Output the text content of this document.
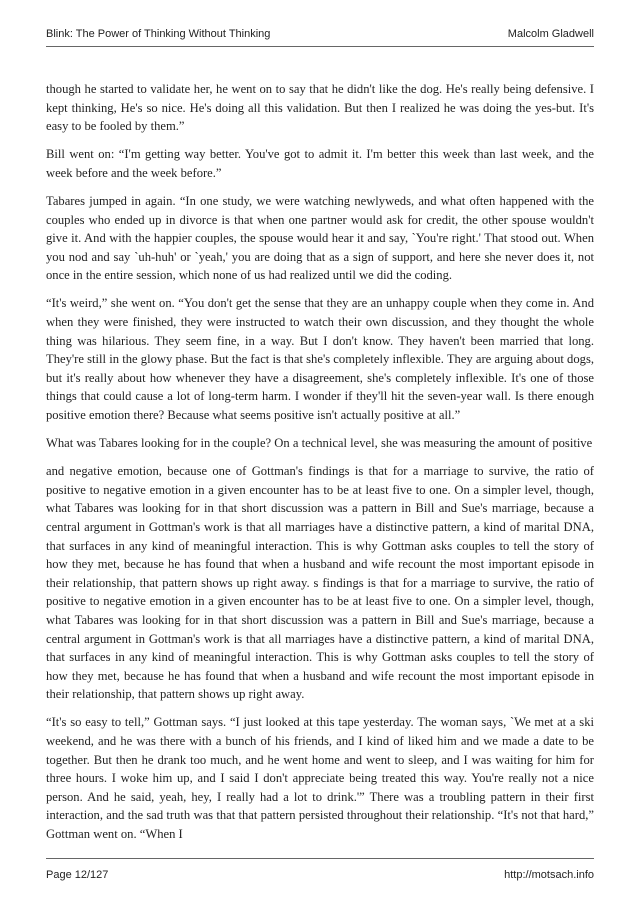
Blink: The Power of Thinking Without Thinking	Malcolm Gladwell

though he started to validate her, he went on to say that he didn't like the dog. He's really being defensive. I kept thinking, He's so nice. He's doing all this validation. But then I realized he was doing the yes-but. It's easy to be fooled by them.”

Bill went on: “I'm getting way better. You've got to admit it. I'm better this week than last week, and the week before and the week before.”

Tabares jumped in again. “In one study, we were watching newlyweds, and what often happened with the couples who ended up in divorce is that when one partner would ask for credit, the other spouse wouldn't give it. And with the happier couples, the spouse would hear it and say, `You're right.' That stood out. When you nod and say `uh-huh' or `yeah,' you are doing that as a sign of support, and here she never does it, not once in the entire session, which none of us had realized until we did the coding.

“It's weird,” she went on. “You don't get the sense that they are an unhappy couple when they come in. And when they were finished, they were instructed to watch their own discussion, and they thought the whole thing was hilarious. They seem fine, in a way. But I don't know. They haven't been married that long. They're still in the glowy phase. But the fact is that she's completely inflexible. They are arguing about dogs, but it's really about how whenever they have a disagreement, she's completely inflexible. It's one of those things that could cause a lot of long-term harm. I wonder if they'll hit the seven-year wall. Is there enough positive emotion there? Because what seems positive isn't actually positive at all.”

What was Tabares looking for in the couple? On a technical level, she was measuring the amount of positive

and negative emotion, because one of Gottman's findings is that for a marriage to survive, the ratio of positive to negative emotion in a given encounter has to be at least five to one. On a simpler level, though, what Tabares was looking for in that short discussion was a pattern in Bill and Sue's marriage, because a central argument in Gottman's work is that all marriages have a distinctive pattern, a kind of marital DNA, that surfaces in any kind of meaningful interaction. This is why Gottman asks couples to tell the story of how they met, because he has found that when a husband and wife recount the most important episode in their relationship, that pattern shows up right away. s findings is that for a marriage to survive, the ratio of positive to negative emotion in a given encounter has to be at least five to one. On a simpler level, though, what Tabares was looking for in that short discussion was a pattern in Bill and Sue's marriage, because a central argument in Gottman's work is that all marriages have a distinctive pattern, a kind of marital DNA, that surfaces in any kind of meaningful interaction. This is why Gottman asks couples to tell the story of how they met, because he has found that when a husband and wife recount the most important episode in their relationship, that pattern shows up right away.

“It's so easy to tell,” Gottman says. “I just looked at this tape yesterday. The woman says, `We met at a ski weekend, and he was there with a bunch of his friends, and I kind of liked him and we made a date to be together. But then he drank too much, and he went home and went to sleep, and I was waiting for him for three hours. I woke him up, and I said I don't appreciate being treated this way. You're really not a nice person. And he said, yeah, hey, I really had a lot to drink.'” There was a troubling pattern in their first interaction, and the sad truth was that that pattern persisted throughout their relationship. “It's not that hard,” Gottman went on. “When I

Page 12/127	http://motsach.info
